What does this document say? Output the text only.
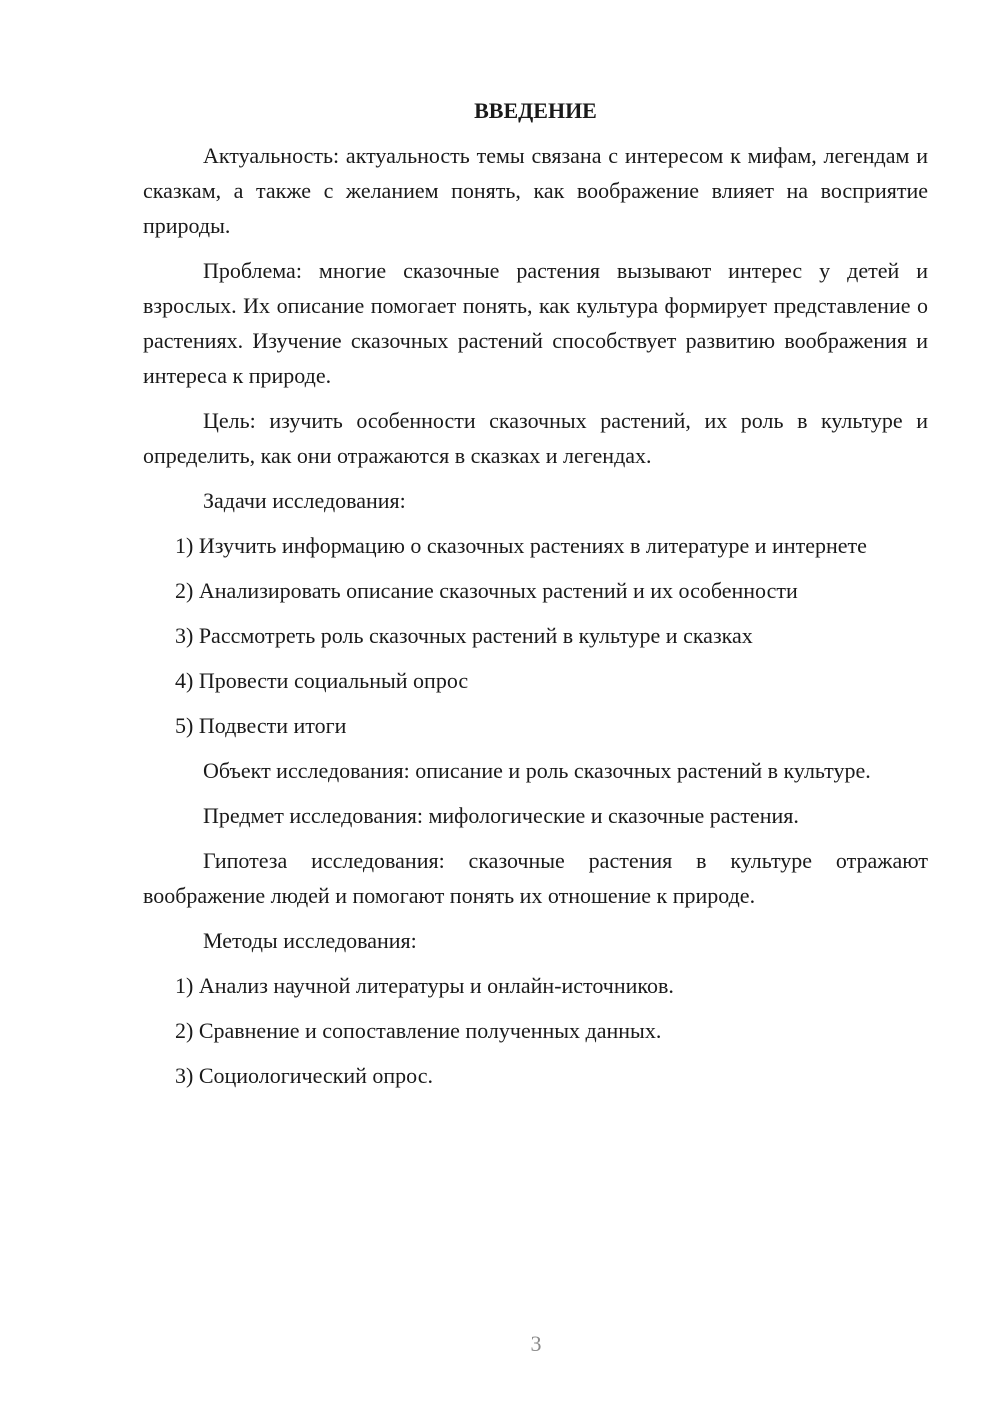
ВВЕДЕНИЕ

Актуальность: актуальность темы связана с интересом к мифам, легендам и сказкам, а также с желанием понять, как воображение влияет на восприятие природы.

Проблема: многие сказочные растения вызывают интерес у детей и взрослых. Их описание помогает понять, как культура формирует представление о растениях. Изучение сказочных растений способствует развитию воображения и интереса к природе.

Цель: изучить особенности сказочных растений, их роль в культуре и определить, как они отражаются в сказках и легендах.

Задачи исследования:

1) Изучить информацию о сказочных растениях в литературе и интернете

2) Анализировать описание сказочных растений и их особенности

3) Рассмотреть роль сказочных растений в культуре и сказках

4) Провести социальный опрос

5) Подвести итоги

Объект исследования: описание и роль сказочных растений в культуре.

Предмет исследования: мифологические и сказочные растения.

Гипотеза исследования: сказочные растения в культуре отражают воображение людей и помогают понять их отношение к природе.

Методы исследования:

1) Анализ научной литературы и онлайн-источников.

2) Сравнение и сопоставление полученных данных.

3) Социологический опрос.

3
